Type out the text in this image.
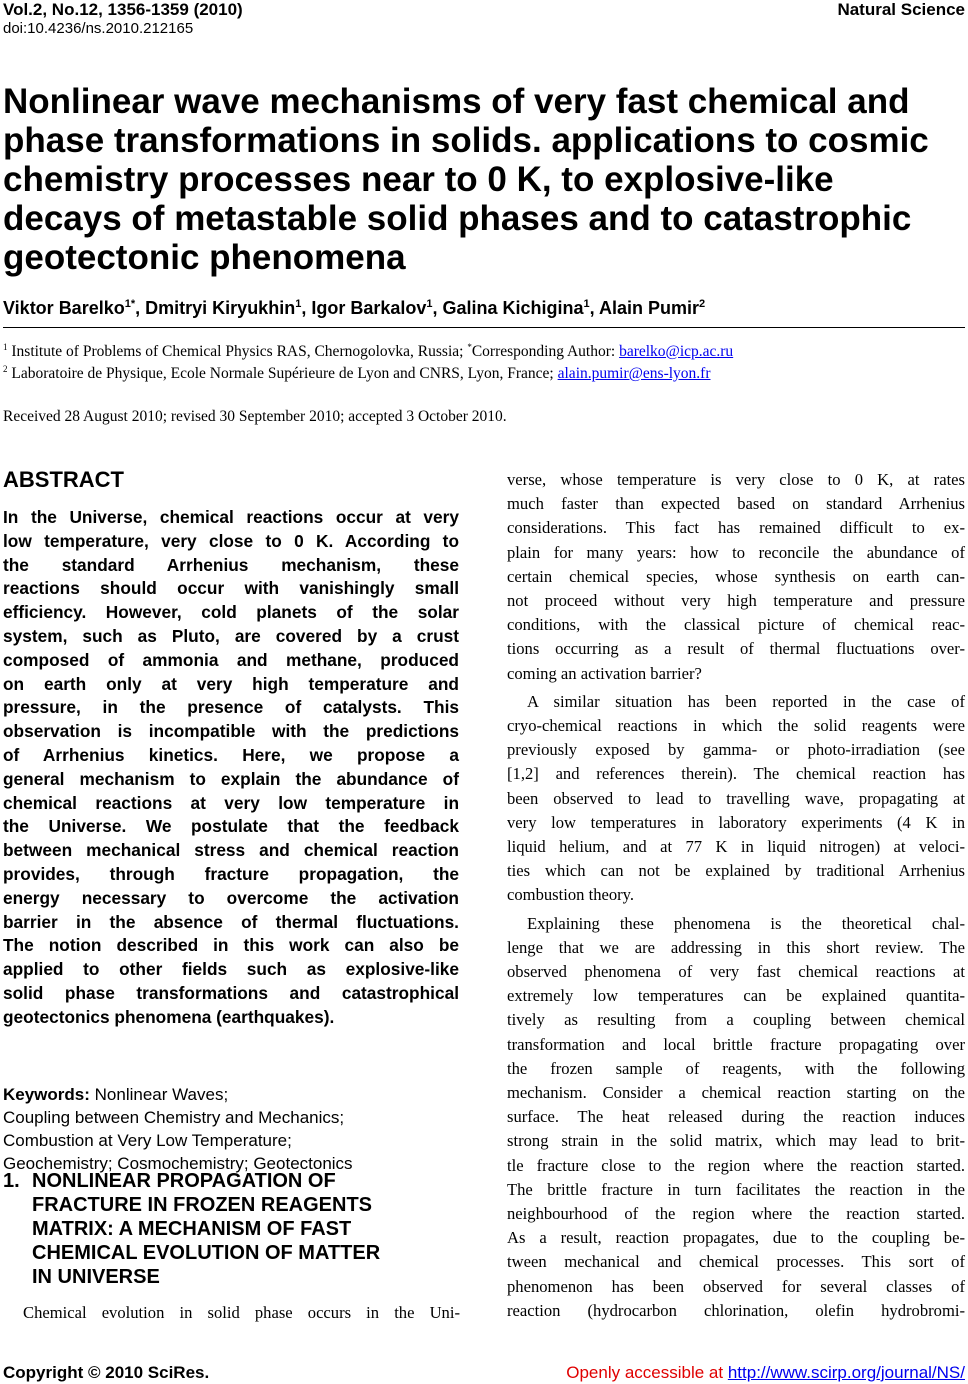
Vol.2, No.12, 1356-1359 (2010)
doi:10.4236/ns.2010.212165
Natural Science
Nonlinear wave mechanisms of very fast chemical and
phase transformations in solids. applications to cosmic
chemistry processes near to 0 K, to explosive-like
decays of metastable solid phases and to catastrophic
geotectonic phenomena
Viktor Barelko$^{1*}$, Dmitryi Kiryukhin$^1$, Igor Barkalov$^1$, Galina Kichigina$^1$, Alain Pumir$^2$
$^1$ Institute of Problems of Chemical Physics RAS, Chernogolovka, Russia; *Corresponding Author: barelko@icp.ac.ru
$^2$ Laboratoire de Physique, Ecole Normale Supérieure de Lyon and CNRS, Lyon, France; alain.pumir@ens-lyon.fr
Received 28 August 2010; revised 30 September 2010; accepted 3 October 2010.
ABSTRACT
In the Universe, chemical reactions occur at very
low temperature, very close to 0 K. According to
the standard Arrhenius mechanism, these
reactions should occur with vanishingly small
efficiency. However, cold planets of the solar
system, such as Pluto, are covered by a crust
composed of ammonia and methane, produced
on earth only at very high temperature and
pressure, in the presence of catalysts. This
observation is incompatible with the predictions
of Arrhenius kinetics. Here, we propose a
general mechanism to explain the abundance of
chemical reactions at very low temperature in
the Universe. We postulate that the feedback
between mechanical stress and chemical reaction
provides, through fracture propagation, the
energy necessary to overcome the activation
barrier in the absence of thermal fluctuations.
The notion described in this work can also be
applied to other fields such as explosive-like
solid phase transformations and catastrophical
geotectonics phenomena (earthquakes).
Keywords: Nonlinear Waves;
Coupling between Chemistry and Mechanics;
Combustion at Very Low Temperature;
Geochemistry; Cosmochemistry; Geotectonics
1. NONLINEAR PROPAGATION OF
FRACTURE IN FROZEN REAGENTS
MATRIX: A MECHANISM OF FAST
CHEMICAL EVOLUTION OF MATTER
IN UNIVERSE
Chemical evolution in solid phase occurs in the Uni-
verse, whose temperature is very close to 0 K, at rates
much faster than expected based on standard Arrhenius
considerations. This fact has remained difficult to ex-
plain for many years: how to reconcile the abundance of
certain chemical species, whose synthesis on earth can-
not proceed without very high temperature and pressure
conditions, with the classical picture of chemical reac-
tions occurring as a result of thermal fluctuations over-
coming an activation barrier?
A similar situation has been reported in the case of
cryo-chemical reactions in which the solid reagents were
previously exposed by gamma- or photo-irradiation (see
[1,2] and references therein). The chemical reaction has
been observed to lead to travelling wave, propagating at
very low temperatures in laboratory experiments (4 K in
liquid helium, and at 77 K in liquid nitrogen) at veloci-
ties which can not be explained by traditional Arrhenius
combustion theory.
Explaining these phenomena is the theoretical chal-
lenge that we are addressing in this short review. The
observed phenomena of very fast chemical reactions at
extremely low temperatures can be explained quantita-
tively as resulting from a coupling between chemical
transformation and local brittle fracture propagating over
the frozen sample of reagents, with the following
mechanism. Consider a chemical reaction starting on the
surface. The heat released during the reaction induces
strong strain in the solid matrix, which may lead to brit-
tle fracture close to the region where the reaction started.
The brittle fracture in turn facilitates the reaction in the
neighbourhood of the region where the reaction started.
As a result, reaction propagates, due to the coupling be-
tween mechanical and chemical processes. This sort of
phenomenon has been observed for several classes of
reaction (hydrocarbon chlorination, olefin hydrobromi-
Copyright © 2010 SciRes.	Openly accessible at http://www.scirp.org/journal/NS/
